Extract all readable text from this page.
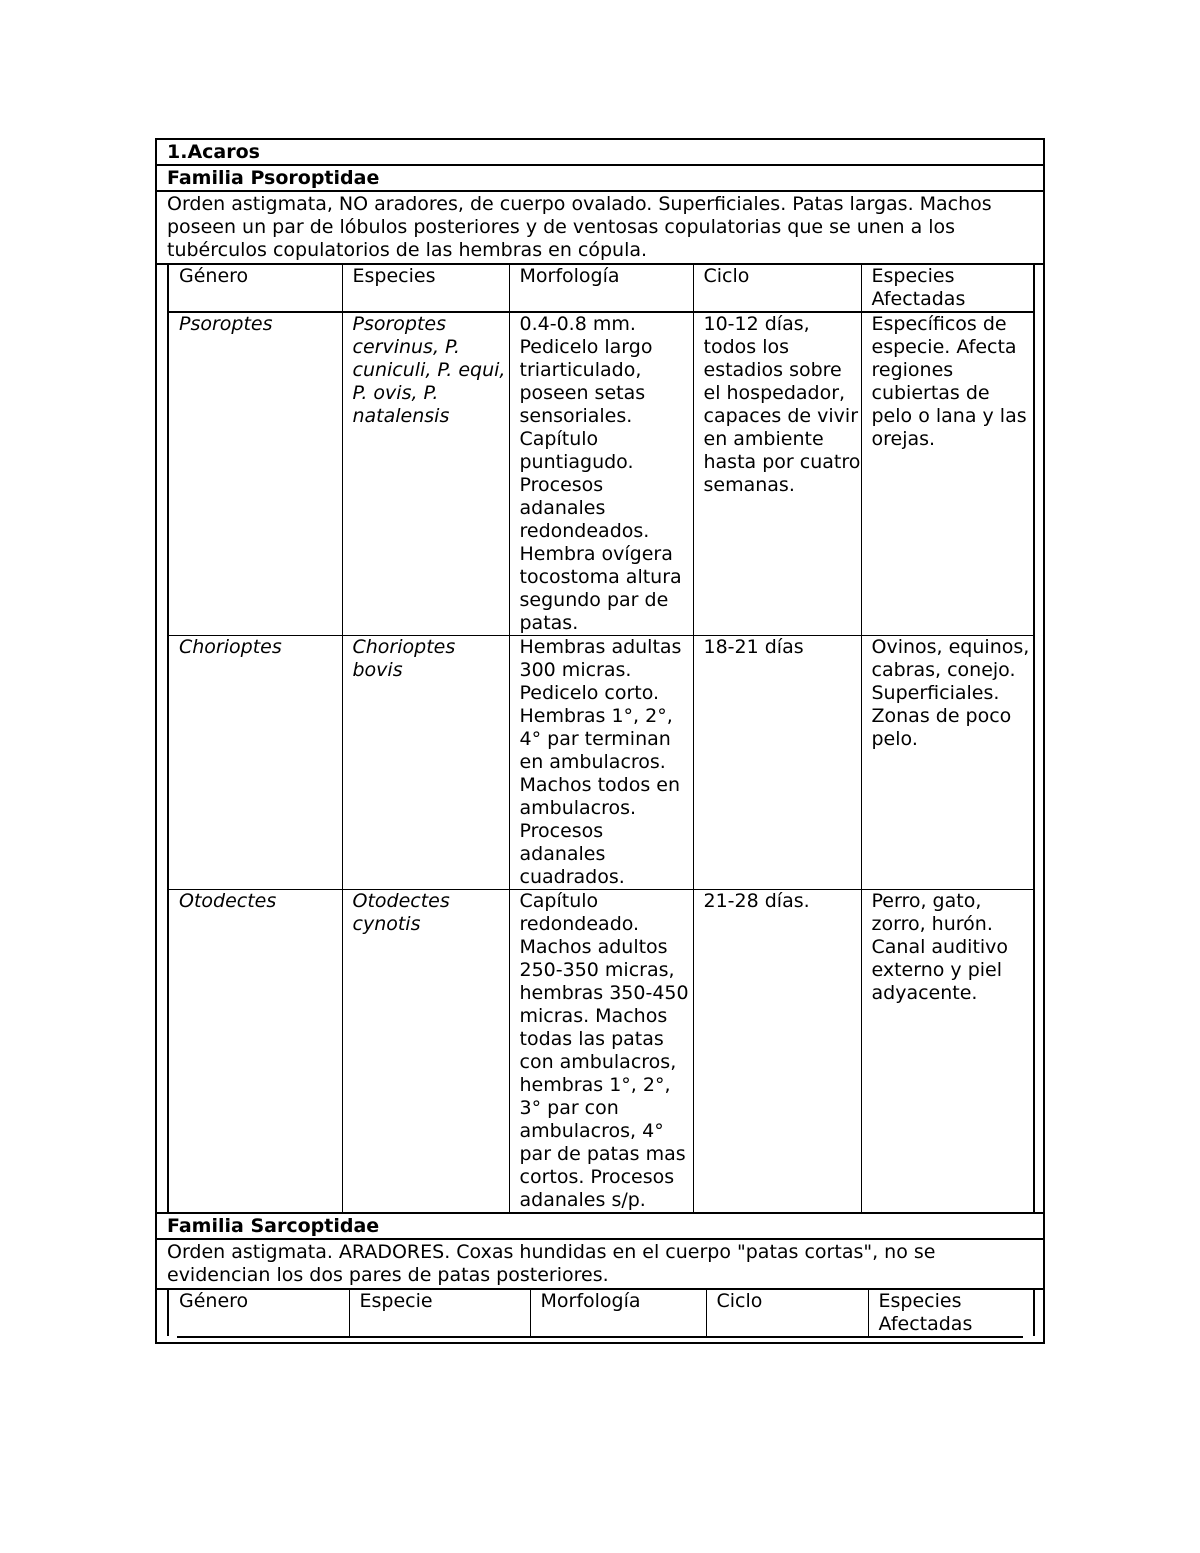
1.Acaros
Familia Psoroptidae
Orden astigmata, NO aradores, de cuerpo ovalado. Superficiales. Patas largas. Machos poseen un par de lóbulos posteriores y de ventosas copulatorias que se unen a los tubérculos copulatorios de las hembras en cópula.
Género	Especies	Morfología	Ciclo	Especies Afectadas
Psoroptes	Psoroptes cervinus, P. cuniculi, P. equi, P. ovis, P. natalensis	0.4-0.8 mm. Pedicelo largo triarticulado, poseen setas sensoriales. Capítulo puntiagudo. Procesos adanales redondeados. Hembra ovígera tocostoma altura segundo par de patas.	10-12 días, todos los estadios sobre el hospedador, capaces de vivir en ambiente hasta por cuatro semanas.	Específicos de especie. Afecta regiones cubiertas de pelo o lana y las orejas.
Chorioptes	Chorioptes bovis	Hembras adultas 300 micras. Pedicelo corto. Hembras 1°, 2°, 4° par terminan en ambulacros. Machos todos en ambulacros. Procesos adanales cuadrados.	18-21 días	Ovinos, equinos, cabras, conejo. Superficiales. Zonas de poco pelo.
Otodectes	Otodectes cynotis	Capítulo redondeado. Machos adultos 250-350 micras, hembras 350-450 micras. Machos todas las patas con ambulacros, hembras 1°, 2°, 3° par con ambulacros, 4° par de patas mas cortos. Procesos adanales s/p.	21-28 días.	Perro, gato, zorro, hurón. Canal auditivo externo y piel adyacente.
Familia Sarcoptidae
Orden astigmata. ARADORES. Coxas hundidas en el cuerpo "patas cortas", no se evidencian los dos pares de patas posteriores.
Género	Especie	Morfología	Ciclo	Especies Afectadas
